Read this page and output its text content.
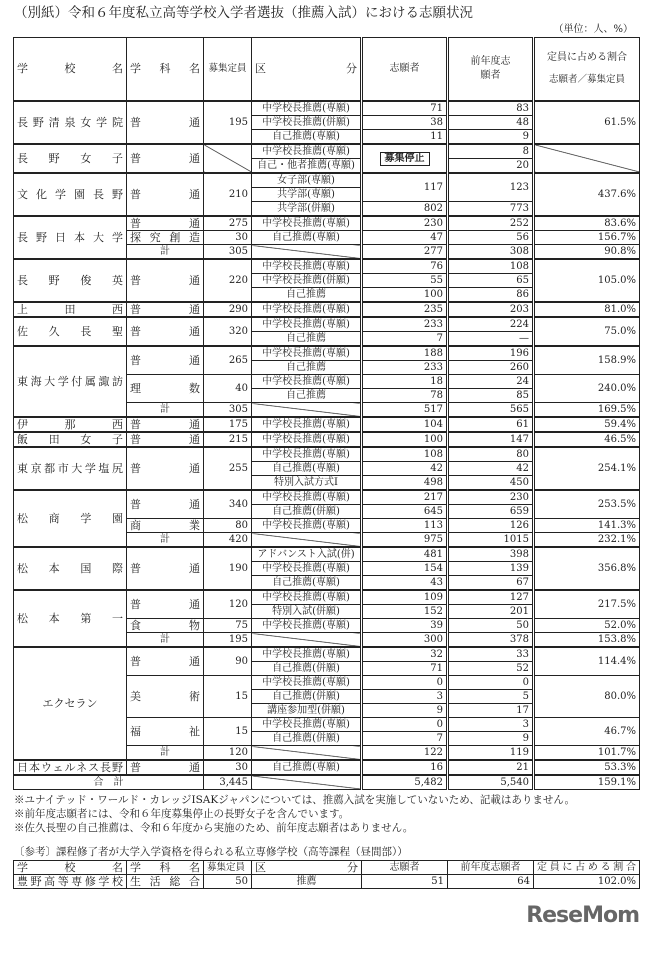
（別紙）令和６年度私立高等学校入学者選抜（推薦入試）における志願状況
（単位：人、%）
学　校　名	学　科　名	募集定員	区　　分	志願者	前年度志願者	定員に占める割合
志願者／募集定員

長野清泉女学院	普通	195	中学校長推薦(専願)	71	83	61.5%
			中学校長推薦(併願)	38	48	
			自己推薦(専願)	11	9	
長野女子	普通		中学校長推薦(専願)	募集停止	8	
			自己・他者推薦(専願)		20	
文化学園長野	普通	210	女子部(専願)	117	123	437.6%
			共学部(専願)			
			共学部(併願)	802	773	
長野日本大学	普通	275	中学校長推薦(専願)	230	252	83.6%
	探究創造	30	自己推薦(専願)	47	56	156.7%
	計	305		277	308	90.8%
長野俊英	普通	220	中学校長推薦(専願)	76	108	105.0%
			中学校長推薦(併願)	55	65	
			自己推薦	100	86	
上田西	普通	290	中学校長推薦(専願)	235	203	81.0%
佐久長聖	普通	320	中学校長推薦(専願)	233	224	75.0%
			自己推薦	7	—	
東海大学付属諏訪	普通	265	中学校長推薦(専願)	188	196	158.9%
			自己推薦	233	260	
	理数	40	中学校長推薦(専願)	18	24	240.0%
			自己推薦	78	85	
	計	305		517	565	169.5%
伊那西	普通	175	中学校長推薦(専願)	104	61	59.4%
飯田女子	普通	215	中学校長推薦(専願)	100	147	46.5%
東京都市大学塩尻	普通	255	中学校長推薦(専願)	108	80	254.1%
			自己推薦(専願)	42	42	
			特別入試方式Ⅰ	498	450	
松商学園	普通	340	中学校長推薦(専願)	217	230	253.5%
			自己推薦(併願)	645	659	
	商業	80	中学校長推薦(専願)	113	126	141.3%
	計	420		975	1015	232.1%
松本国際	普通	190	アドバンスト入試(併)	481	398	356.8%
			中学校長推薦(専願)	154	139	
			自己推薦(専願)	43	67	
松本第一	普通	120	中学校長推薦(専願)	109	127	217.5%
			特別入試(併願)	152	201	
	食物	75	中学校長推薦(専願)	39	50	52.0%
	計	195		300	378	153.8%
エクセラン	普通	90	中学校長推薦(専願)	32	33	114.4%
			自己推薦(併願)	71	52	
	美術	15	中学校長推薦(専願)	0	0	80.0%
			自己推薦(併願)	3	5	
			講座参加型(併願)	9	17	
	福祉	15	中学校長推薦(専願)	0	3	46.7%
			自己推薦(併願)	7	9	
	計	120		122	119	101.7%
日本ウェルネス長野	普通	30	自己推薦(専願)	16	21	53.3%
合　計		3,445		5,482	5,540	159.1%
※ユナイテッド・ワールド・カレッジISAKジャパンについては、推薦入試を実施していないため、記載はありません。
※前年度志願者には、令和６年度募集停止の長野女子を含んでいます。
※佐久長聖の自己推薦は、令和６年度から実施のため、前年度志願者はありません。
〔参考〕課程修了者が大学入学資格を得られる私立専修学校（高等課程（昼間部））
学　校　名	学　科　名	募集定員	区　　分	志願者	前年度志願者	定員に占める割合
豊野高等専修学校	生活総合	50	推薦	51	64	102.0%
ReseMom
